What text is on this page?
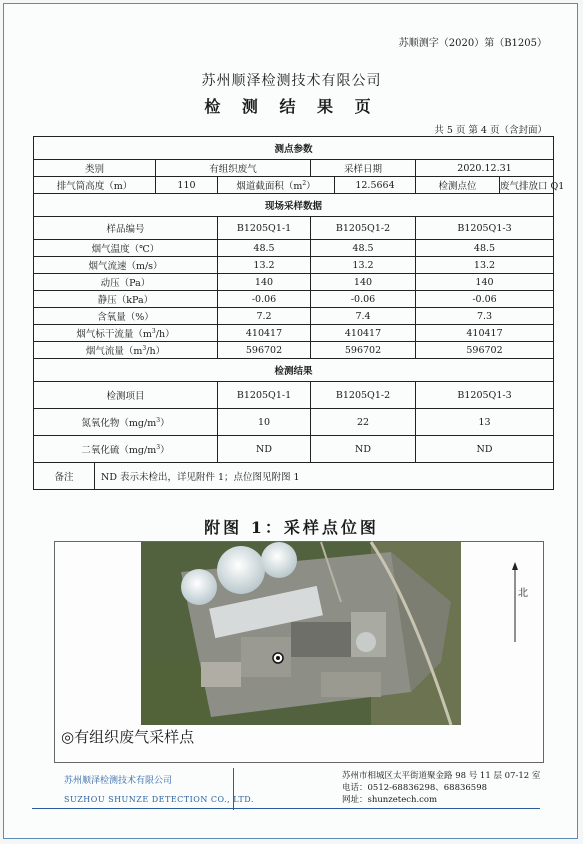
苏顺测字（2020）第（B1205）
苏州顺泽检测技术有限公司
检 测 结 果 页
共 5 页 第 4 页（含封面）
测点参数							
类别		有组织废气		采样日期		2020.12.31	
排气筒高度（m）		110	烟道截面积$(m^2)$		12.5664	检测点位	废气排放口 Q1
现场采样数据							
样品编号			B1205Q1-1	B1205Q1-2		B1205Q1-3	
烟气温度（℃）			48.5	48.5		48.5	
烟气流速（m/s）			13.2	13.2		13.2	
动压（Pa）			140	140		140	
静压（kPa）			-0.06	-0.06		-0.06	
含氧量（%）			7.2	7.4		7.3	
烟气标干流量$(m^3/h)$			410417	410417		410417	
烟气流量$(m^3/h)$			596702	596702		596702	
检测结果							
检测项目			B1205Q1-1	B1205Q1-2		B1205Q1-3	
氮氧化物$(mg/m^3)$			10	22		13	
二氧化硫$(mg/m^3)$			ND	ND		ND	
备注	ND 表示未检出，详见附件 1；点位图见附图 1						
附图 1：采样点位图
北
◎有组织废气采样点
苏州顺泽检测技术有限公司
SUZHOU SHUNZE DETECTION CO., LTD.
苏州市相城区太平街道聚金路 98 号 11 层 07-12 室
电话：0512-68836298、68836598
网址：shunzetech.com
